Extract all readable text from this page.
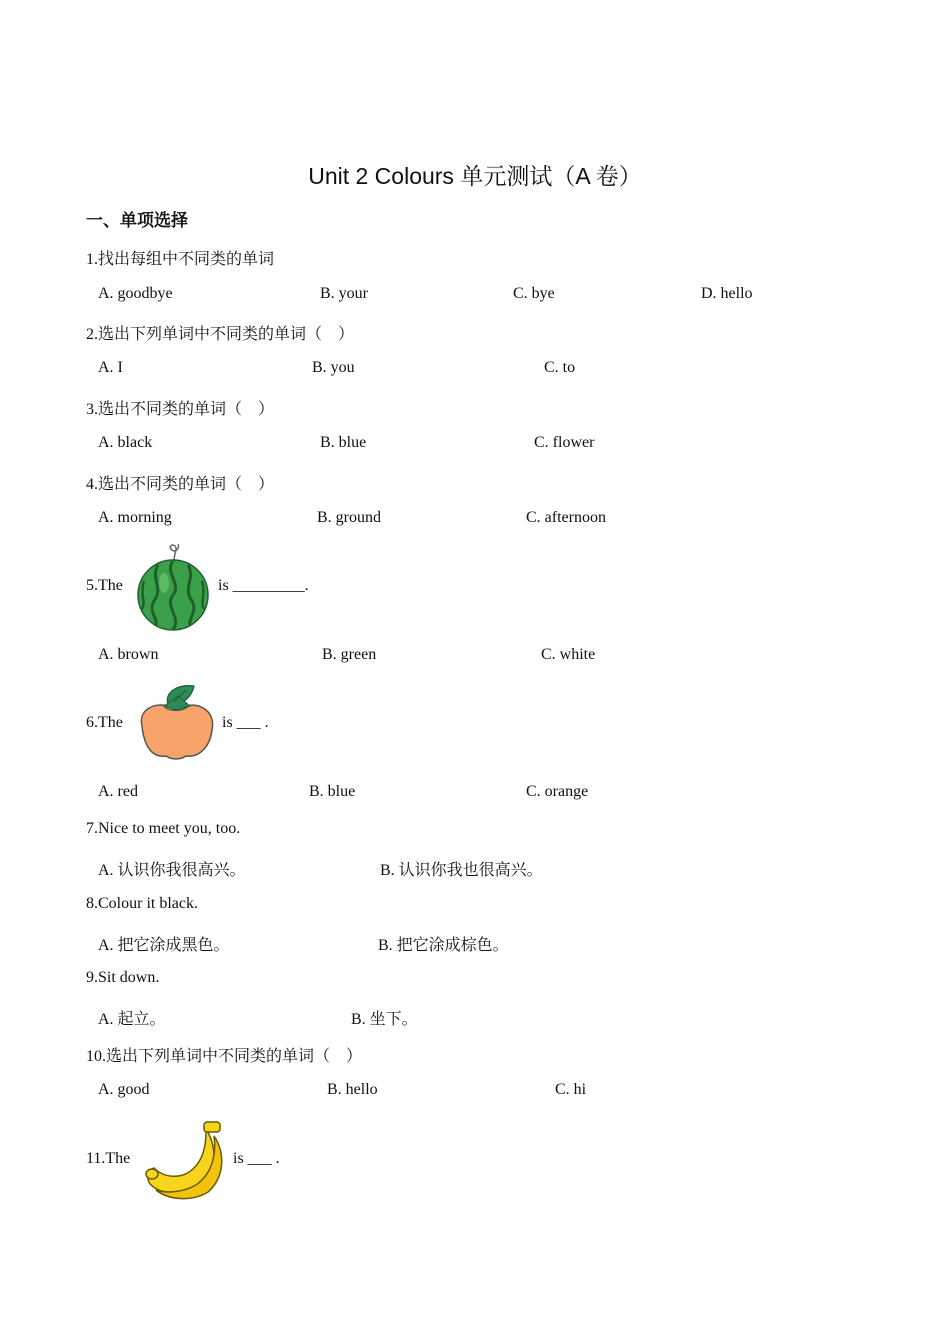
Unit 2 Colours 单元测试（A 卷）
一、单项选择
1.找出每组中不同类的单词
A. goodbye	B. your	C. bye	D. hello
2.选出下列单词中不同类的单词（　）
A. I	B. you	C. to
3.选出不同类的单词（　）
A. black	B. blue	C. flower
4.选出不同类的单词（　）
A. morning	B. ground	C. afternoon
5.The	is _________.
A. brown	B. green	C. white
6.The	is ___ .
A. red	B. blue	C. orange
7.Nice to meet you, too.
A. 认识你我很高兴。	B. 认识你我也很高兴。
8.Colour it black.
A. 把它涂成黑色。	B. 把它涂成棕色。
9.Sit down.
A. 起立。	B. 坐下。
10.选出下列单词中不同类的单词（　）
A. good	B. hello	C. hi
11.The	is ___ .
